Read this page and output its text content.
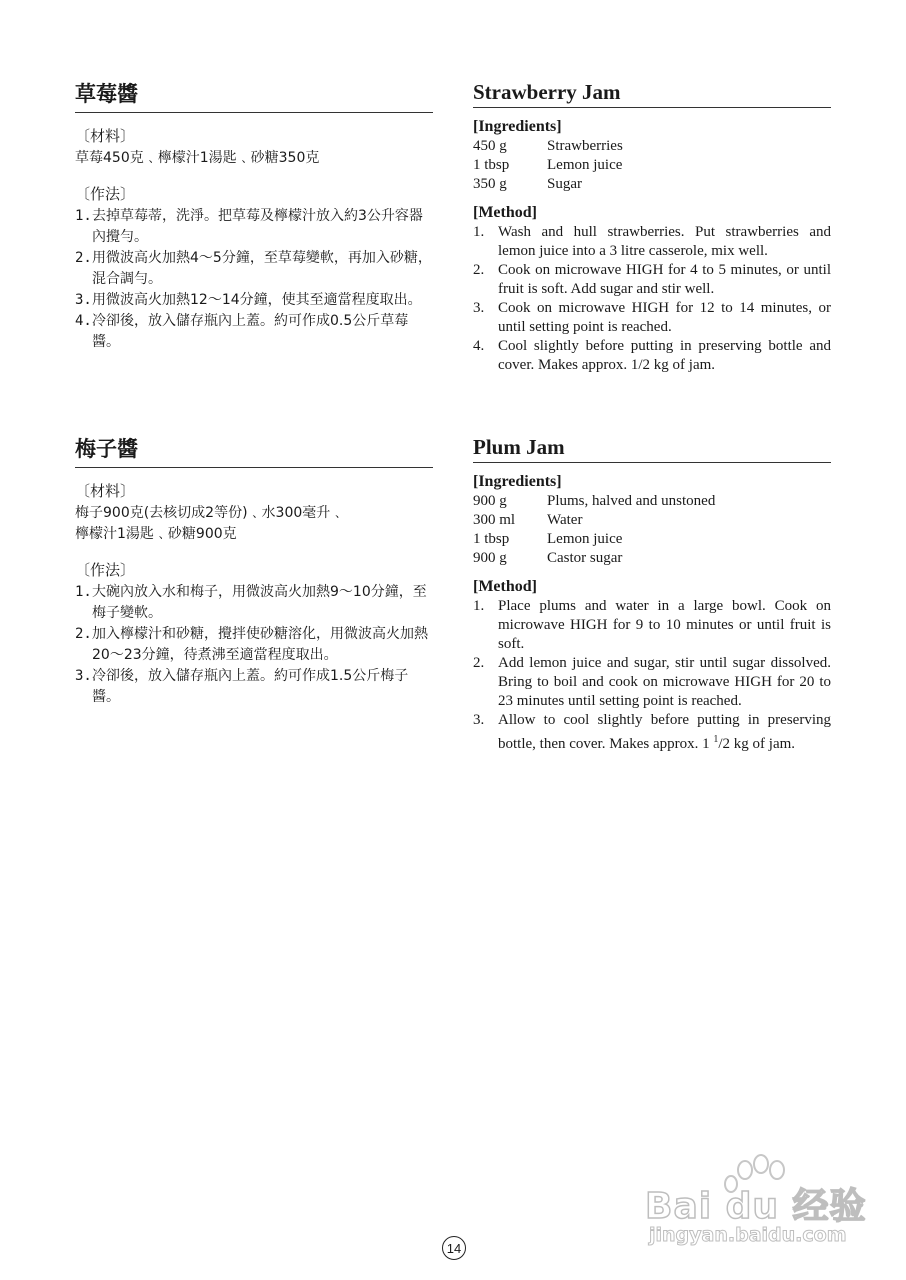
草莓醬
〔材料〕
草莓450克﹑檸檬汁1湯匙﹑砂糖350克
〔作法〕
1. 去掉草莓蒂，洗淨。把草莓及檸檬汁放入約3公升容器內攪勻。
2. 用微波高火加熱4～5分鐘，至草莓變軟，再加入砂糖，混合調勻。
3. 用微波高火加熱12～14分鐘，使其至適當程度取出。
4. 冷卻後，放入儲存瓶內上蓋。約可作成0.5公斤草莓醬。
Strawberry Jam
[Ingredients]
450 g	Strawberries
1 tbsp	Lemon juice
350 g	Sugar
[Method]
1. Wash and hull strawberries. Put strawberries and lemon juice into a 3 litre casserole, mix well.
2. Cook on microwave HIGH for 4 to 5 minutes, or until fruit is soft. Add sugar and stir well.
3. Cook on microwave HIGH for 12 to 14 minutes, or until setting point is reached.
4. Cool slightly before putting in preserving bottle and cover. Makes approx. 1/2 kg of jam.
梅子醬
〔材料〕
梅子900克(去核切成2等份)﹑水300毫升﹑
檸檬汁1湯匙﹑砂糖900克
〔作法〕
1. 大碗內放入水和梅子，用微波高火加熱9～10分鐘，至梅子變軟。
2. 加入檸檬汁和砂糖，攪拌使砂糖溶化，用微波高火加熱20～23分鐘，待煮沸至適當程度取出。
3. 冷卻後，放入儲存瓶內上蓋。約可作成1.5公斤梅子醬。
Plum Jam
[Ingredients]
900 g	Plums, halved and unstoned
300 ml	Water
1 tbsp	Lemon juice
900 g	Castor sugar
[Method]
1. Place plums and water in a large bowl. Cook on microwave HIGH for 9 to 10 minutes or until fruit is soft.
2. Add lemon juice and sugar, stir until sugar dissolved. Bring to boil and cook on microwave HIGH for 20 to 23 minutes until setting point is reached.
3. Allow to cool slightly before putting in preserving bottle, then cover. Makes approx. 1 $^1$/2 kg of jam.
Bai du 经验
jingyan.baidu.com
14
